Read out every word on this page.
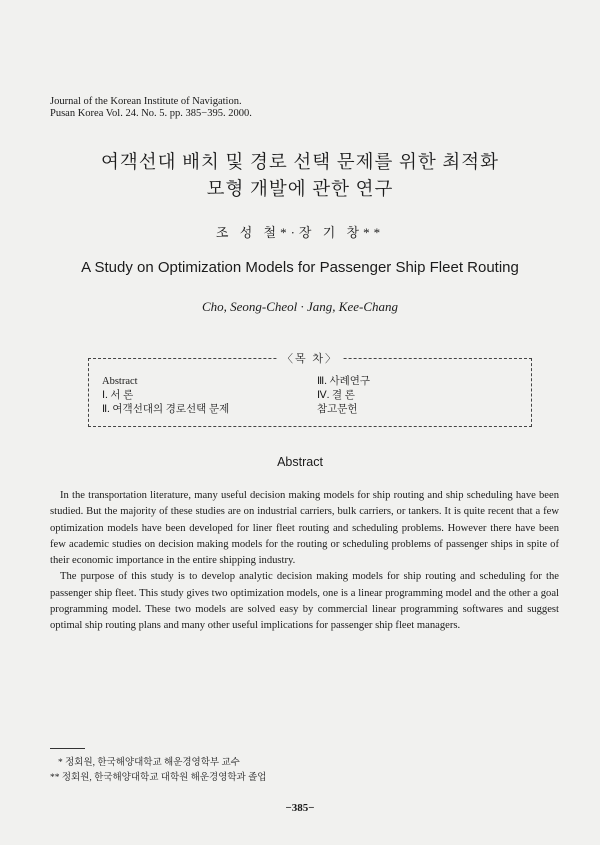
Journal of the Korean Institute of Navigation.
Pusan Korea Vol. 24. No. 5. pp. 385−395. 2000.
여객선대 배치 및 경로 선택 문제를 위한 최적화
모형 개발에 관한 연구
조 성 철*·장 기 창**
A Study on Optimization Models for Passenger Ship Fleet Routing
Cho, Seong-Cheol · Jang, Kee-Chang
〈목 차〉
Abstract
Ⅰ. 서 론
Ⅱ. 여객선대의 경로선택 문제
Ⅲ. 사례연구
Ⅳ. 결 론
참고문헌
Abstract

In the transportation literature, many useful decision making models for ship routing and ship scheduling have been studied. But the majority of these studies are on industrial carriers, bulk carriers, or tankers. It is quite recent that a few optimization models have been developed for liner fleet routing and scheduling problems. However there have been few academic studies on decision making models for the routing or scheduling problems of passenger ships in spite of their economic importance in the entire shipping industry.

The purpose of this study is to develop analytic decision making models for ship routing and scheduling for the passenger ship fleet. This study gives two optimization models, one is a linear programming model and the other a goal programming model. These two models are solved easy by commercial linear programming softwares and suggest optimal ship routing plans and many other useful implications for passenger ship fleet managers.

* 정회원, 한국해양대학교 해운경영학부 교수
** 정회원, 한국해양대학교 대학원 해운경영학과 졸업
−385−
